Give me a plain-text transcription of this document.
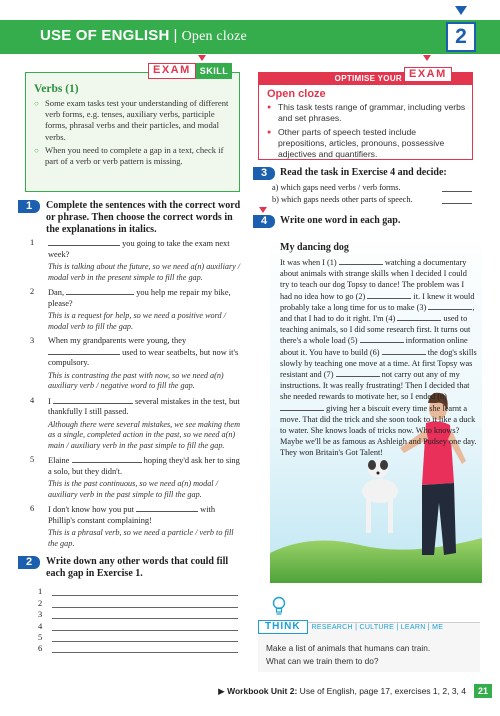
USE OF ENGLISH | Open cloze	2
Verbs (1)
○ Some exam tasks test your understanding of different verb forms, e.g. tenses, auxiliary verbs, participle forms, phrasal verbs and their particles, and modal verbs.
○ When you need to complete a gap in a text, check if part of a verb or verb pattern is missing.
EXAM	SKILL
OPTIMISE YOUR EXAM
Open cloze
● This task tests range of grammar, including verbs and set phrases.
● Other parts of speech tested include prepositions, articles, pronouns, possessive adjectives and quantifiers.
1	Complete the sentences with the correct word or phrase. Then choose the correct words in the explanations in italics.
1	you going to take the exam next week?
This is talking about the future, so we need a(n) auxiliary / modal verb in the present simple to fill the gap.
2 Dan,	you help me repair my bike, please?
This is a request for help, so we need a positive word / modal verb to fill the gap.
3 When my grandparents were young, they  used to wear seatbelts, but now it's compulsory.
This is contrasting the past with now, so we need a(n) auxiliary verb / negative word to fill the gap.
4 I	several mistakes in the test, but thankfully I still passed.
Although there were several mistakes, we see making them as a single, completed action in the past, so we need a(n) main / auxiliary verb in the past simple to fill the gap.
5 Elaine	hoping they'd ask her to sing a solo, but they didn't.
This is the past continuous, so we need a(n) modal / auxiliary verb in the past simple to fill the gap.
6 I don't know how you put	with Phillip's constant complaining!
This is a phrasal verb, so we need a particle / verb to fill the gap.
2	Write down any other words that could fill each gap in Exercise 1.
1
2
3
4
5
6
3	Read the task in Exercise 4 and decide:
a) which gaps need verbs / verb forms.
b) which gaps needs other parts of speech.
4	Write one word in each gap.
My dancing dog
It was when I (1)	watching a documentary about animals with strange skills when I decided I could try to teach our dog Topsy to dance! The problem was I had no idea how to go (2)	it. I knew it would probably take a long time for us to make (3)	, and that I had to do it right. I'm (4)	used to teaching animals, so I did some research first. It turns out there's a whole load (5)	information online about it. You have to build (6)	the dog's skills slowly by teaching one move at a time. At first Topsy was resistant and (7)	not carry out any of my instructions. It was really frustrating! Then I decided that she needed rewards to motivate her, so I ended (8)  giving her a biscuit every time she learnt a move. That did the trick and she soon took to it like a duck to water. She knows loads of tricks now. Who knows? Maybe we'll be as famous as Ashleigh and Pudsey one day. They won Britain's Got Talent!
THINK	RESEARCH | CULTURE | LEARN | ME
Make a list of animals that humans can train.
What can we train them to do?
▶ Workbook Unit 2: Use of English, page 17, exercises 1, 2, 3, 4	21
